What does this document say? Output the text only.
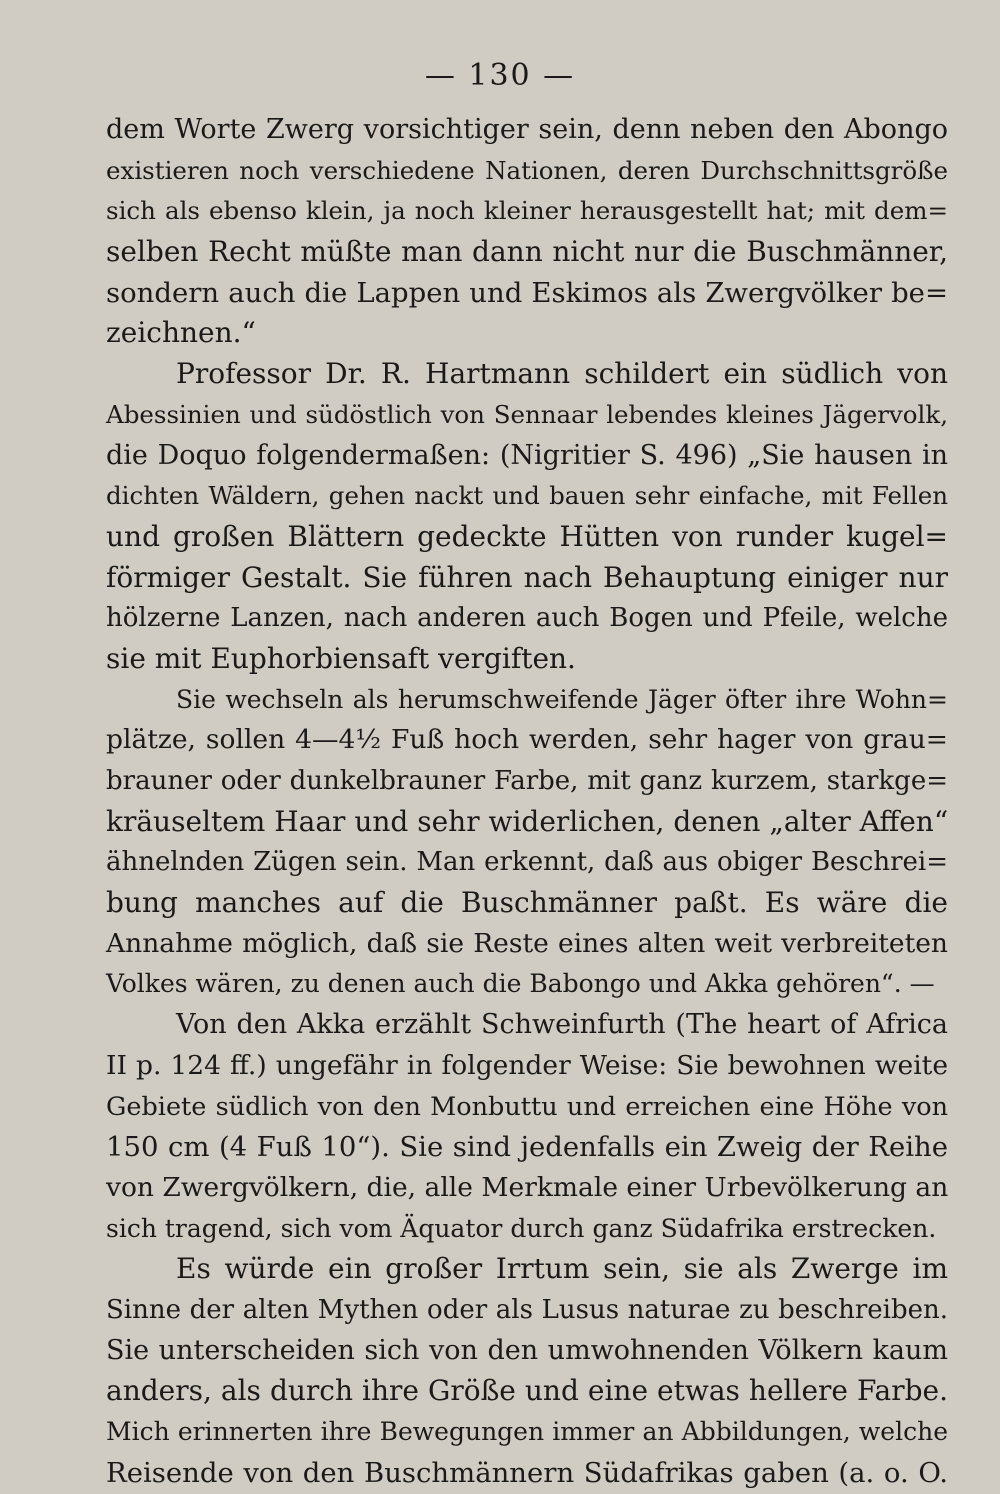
— 130 —
dem Worte Zwerg vorsichtiger sein, denn neben den Abongo
existieren noch verschiedene Nationen, deren Durchschnittsgröße
sich als ebenso klein, ja noch kleiner herausgestellt hat; mit dem=
selben Recht müßte man dann nicht nur die Buschmänner,
sondern auch die Lappen und Eskimos als Zwergvölker be=
zeichnen.“
Professor Dr. R. Hartmann schildert ein südlich von
Abessinien und südöstlich von Sennaar lebendes kleines Jägervolk,
die Doquo folgendermaßen: (Nigritier S. 496) „Sie hausen in
dichten Wäldern, gehen nackt und bauen sehr einfache, mit Fellen
und großen Blättern gedeckte Hütten von runder kugel=
förmiger Gestalt. Sie führen nach Behauptung einiger nur
hölzerne Lanzen, nach anderen auch Bogen und Pfeile, welche
sie mit Euphorbiensaft vergiften.
Sie wechseln als herumschweifende Jäger öfter ihre Wohn=
plätze, sollen 4—4½ Fuß hoch werden, sehr hager von grau=
brauner oder dunkelbrauner Farbe, mit ganz kurzem, starkge=
kräuseltem Haar und sehr widerlichen, denen „alter Affen“
ähnelnden Zügen sein. Man erkennt, daß aus obiger Beschrei=
bung manches auf die Buschmänner paßt. Es wäre die
Annahme möglich, daß sie Reste eines alten weit verbreiteten
Volkes wären, zu denen auch die Babongo und Akka gehören“. —
Von den Akka erzählt Schweinfurth (The heart of Africa
II p. 124 ff.) ungefähr in folgender Weise: Sie bewohnen weite
Gebiete südlich von den Monbuttu und erreichen eine Höhe von
150 cm (4 Fuß 10“). Sie sind jedenfalls ein Zweig der Reihe
von Zwergvölkern, die, alle Merkmale einer Urbevölkerung an
sich tragend, sich vom Äquator durch ganz Südafrika erstrecken.
Es würde ein großer Irrtum sein, sie als Zwerge im
Sinne der alten Mythen oder als Lusus naturae zu beschreiben.
Sie unterscheiden sich von den umwohnenden Völkern kaum
anders, als durch ihre Größe und eine etwas hellere Farbe.
Mich erinnerten ihre Bewegungen immer an Abbildungen, welche
Reisende von den Buschmännern Südafrikas gaben (a. o. O.
